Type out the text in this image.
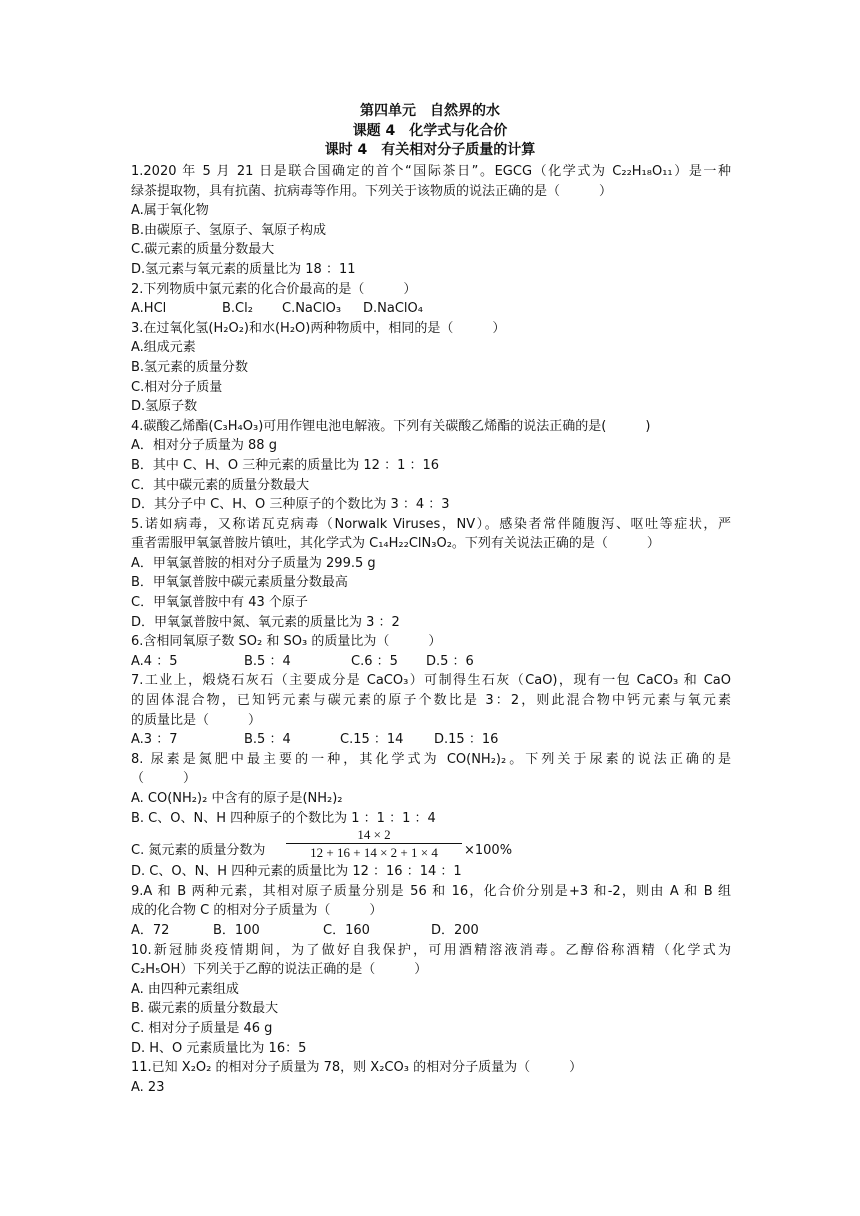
第四单元　自然界的水
课题 4　化学式与化合价
课时 4　有关相对分子质量的计算
1.2020 年 5 月 21 日是联合国确定的首个“国际茶日”。EGCG（化学式为 C₂₂H₁₈O₁₁）是一种
绿茶提取物，具有抗菌、抗病毒等作用。下列关于该物质的说法正确的是（　　　）
A.属于氧化物
B.由碳原子、氢原子、氧原子构成
C.碳元素的质量分数最大
D.氢元素与氧元素的质量比为 18 ：11
2.下列物质中氯元素的化合价最高的是（　　　）
A.HCl	B.Cl₂ C.NaClO₃ D.NaClO₄
3.在过氧化氢(H₂O₂)和水(H₂O)两种物质中，相同的是（　　　）
A.组成元素
B.氢元素的质量分数
C.相对分子质量
D.氢原子数
4.碳酸乙烯酯(C₃H₄O₃)可用作锂电池电解液。下列有关碳酸乙烯酯的说法正确的是(　　　)
A．相对分子质量为 88 g
B．其中 C、H、O 三种元素的质量比为 12 ：1 ：16
C．其中碳元素的质量分数最大
D．其分子中 C、H、O 三种原子的个数比为 3 ：4 ：3
5.诺如病毒，又称诺瓦克病毒（Norwalk Viruses，NV）。感染者常伴随腹泻、呕吐等症状，严
重者需服甲氧氯普胺片镇吐，其化学式为 C₁₄H₂₂ClN₃O₂。下列有关说法正确的是（　　　）
A．甲氧氯普胺的相对分子质量为 299.5 g
B．甲氧氯普胺中碳元素质量分数最高
C．甲氧氯普胺中有 43 个原子
D．甲氧氯普胺中氮、氧元素的质量比为 3 ：2
6.含相同氧原子数 SO₂ 和 SO₃ 的质量比为（　　　）
A.4 ：5	B.5 ：4	C.6 ：5 D.5 ：6
7.工业上，煅烧石灰石（主要成分是 CaCO₃）可制得生石灰（CaO)，现有一包 CaCO₃ 和 CaO
的固体混合物，已知钙元素与碳元素的原子个数比是 3：2，则此混合物中钙元素与氧元素
的质量比是（　　　）
A.3 ：7	B.5 ：4	C.15 ：14 D.15 ：16
8. 尿素是氮肥中最主要的一种，其化学式为 CO(NH₂)₂。下列关于尿素的说法正确的是
（　　　）
A. CO(NH₂)₂ 中含有的原子是(NH₂)₂
B. C、O、N、H 四种原子的个数比为 1 ：1 ：1 ：4
C. 氮元素的质量分数为
14 × 2
12 + 16 + 14 × 2 + 1 × 4	×100%
D. C、O、N、H 四种元素的质量比为 12 ：16 ：14 ：1
9.A 和 B 两种元素，其相对原子质量分别是 56 和 16，化合价分别是+3 和-2，则由 A 和 B 组
成的化合物 C 的相对分子质量为（　　　）
A．72	B．100	C．160	D．200
10.新冠肺炎疫情期间，为了做好自我保护，可用酒精溶液消毒。乙醇俗称酒精（化学式为
C₂H₅OH）下列关于乙醇的说法正确的是（　　　）
A. 由四种元素组成
B. 碳元素的质量分数最大
C. 相对分子质量是 46 g
D. H、O 元素质量比为 16：5
11.已知 X₂O₂ 的相对分子质量为 78，则 X₂CO₃ 的相对分子质量为（　　　）
A. 23
